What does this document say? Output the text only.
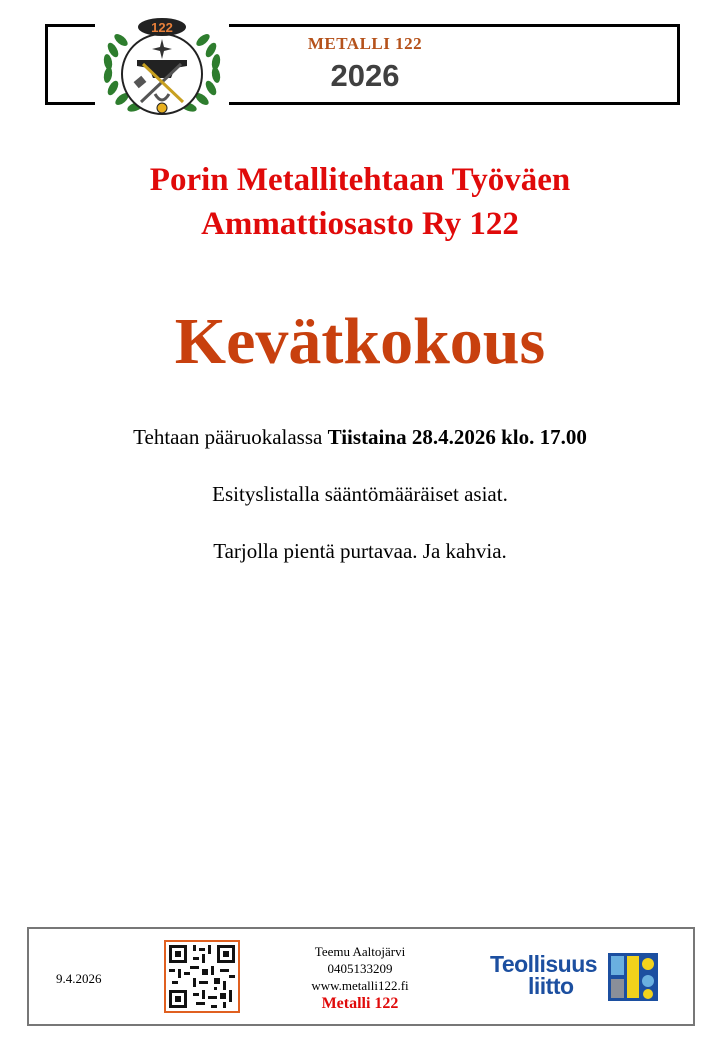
METALLI 122
2026
122
Porin Metallitehtaan Työväen
Ammattiosasto Ry 122
Kevätkokous
Tehtaan pääruokalassa Tiistaina 28.4.2026 klo. 17.00
Esityslistalla sääntömääräiset asiat.
Tarjolla pientä purtavaa. Ja kahvia.
9.4.2026
Teemu Aaltojärvi
0405133209
www.metalli122.fi
Metalli 122
Teollisuus
liitto
